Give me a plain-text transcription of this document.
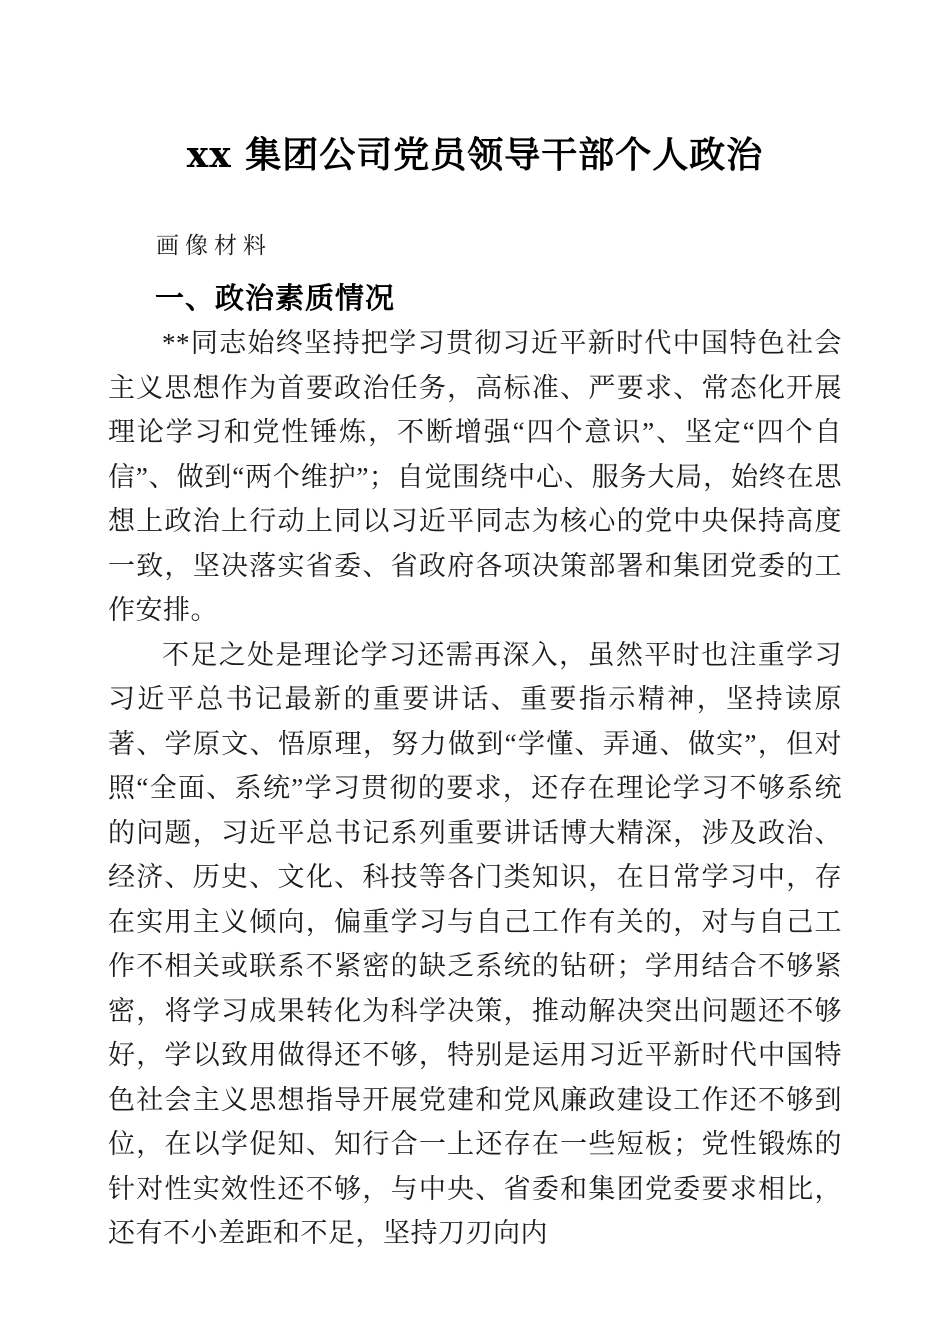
xx 集团公司党员领导干部个人政治

画像材料

一、政治素质情况

**同志始终坚持把学习贯彻习近平新时代中国特色社会主义思想作为首要政治任务，高标准、严要求、常态化开展理论学习和党性锤炼，不断增强“四个意识”、坚定“四个自信”、做到“两个维护”；自觉围绕中心、服务大局，始终在思想上政治上行动上同以习近平同志为核心的党中央保持高度一致，坚决落实省委、省政府各项决策部署和集团党委的工作安排。

不足之处是理论学习还需再深入，虽然平时也注重学习习近平总书记最新的重要讲话、重要指示精神，坚持读原著、学原文、悟原理，努力做到“学懂、弄通、做实”，但对照“全面、系统”学习贯彻的要求，还存在理论学习不够系统的问题，习近平总书记系列重要讲话博大精深，涉及政治、经济、历史、文化、科技等各门类知识，在日常学习中，存在实用主义倾向，偏重学习与自己工作有关的，对与自己工作不相关或联系不紧密的缺乏系统的钻研；学用结合不够紧密，将学习成果转化为科学决策，推动解决突出问题还不够好，学以致用做得还不够，特别是运用习近平新时代中国特色社会主义思想指导开展党建和党风廉政建设工作还不够到位，在以学促知、知行合一上还存在一些短板；党性锻炼的针对性实效性还不够，与中央、省委和集团党委要求相比，还有不小差距和不足，坚持刀刃向内
